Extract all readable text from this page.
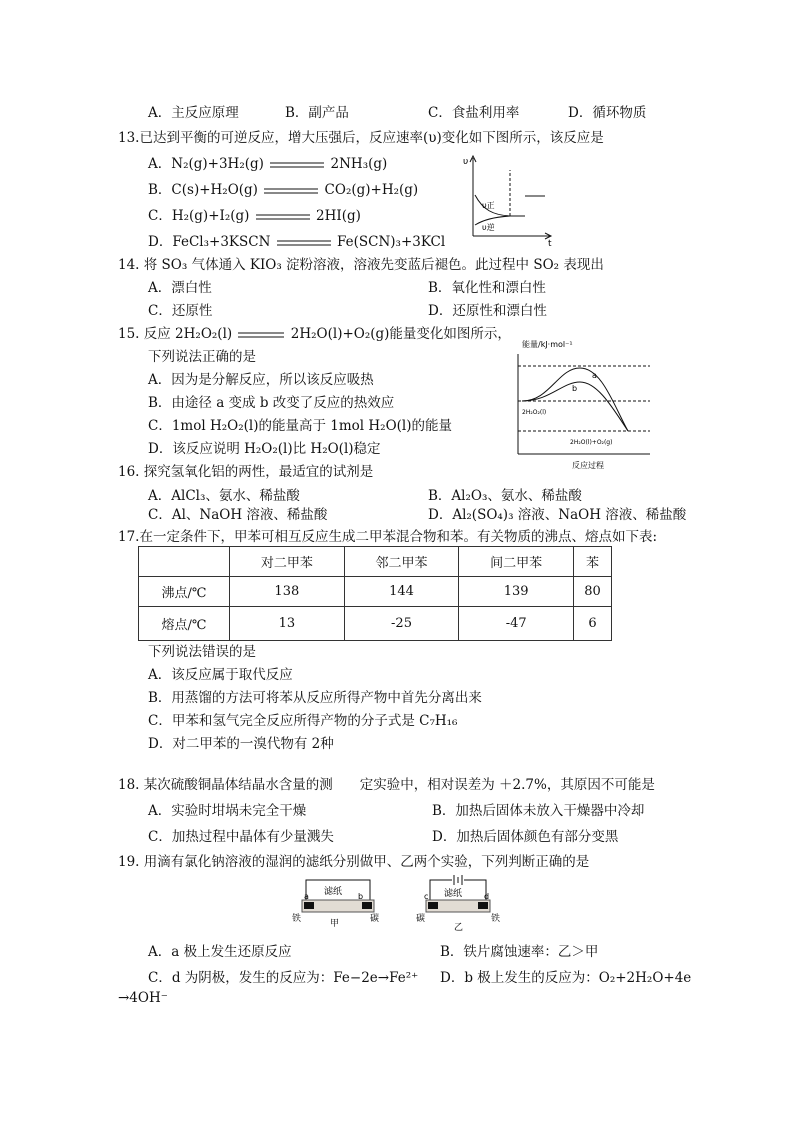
A．主反应原理	B．副产品	C．食盐利用率	D．循环物质
13.已达到平衡的可逆反应，增大压强后，反应速率(υ)变化如下图所示，该反应是
A．N₂(g)+3H₂(g)	2NH₃(g)
B．C(s)+H₂O(g)	CO₂(g)+H₂(g)
C．H₂(g)+I₂(g)	2HI(g)
D．FeCl₃+3KSCN	Fe(SCN)₃+3KCl
υ
t
υ正
υ逆
14. 将 SO₃ 气体通入 KIO₃ 淀粉溶液，溶液先变蓝后褪色。此过程中 SO₂ 表现出
A．漂白性	B．氧化性和漂白性
C．还原性	D．还原性和漂白性
15. 反应 2H₂O₂(l)	2H₂O(l)+O₂(g)能量变化如图所示，
下列说法正确的是
A．因为是分解反应，所以该反应吸热
B．由途径 a 变成 b 改变了反应的热效应
C．1mol H₂O₂(l)的能量高于 1mol H₂O(l)的能量
D．该反应说明 H₂O₂(l)比 H₂O(l)稳定
能量/kJ·mol⁻¹
a
b
2H₂O₂(l)
2H₂O(l)+O₂(g)
反应过程
16. 探究氢氧化铝的两性，最适宜的试剂是
A．AlCl₃、氨水、稀盐酸	B．Al₂O₃、氨水、稀盐酸
C．Al、NaOH 溶液、稀盐酸	D．Al₂(SO₄)₃ 溶液、NaOH 溶液、稀盐酸
17.在一定条件下，甲苯可相互反应生成二甲苯混合物和苯。有关物质的沸点、熔点如下表:
	对二甲苯	邻二甲苯	间二甲苯	苯
沸点/℃	138	144	139	80
熔点/℃	13	-25	-47	6
下列说法错误的是
A．该反应属于取代反应
B．用蒸馏的方法可将苯从反应所得产物中首先分离出来
C．甲苯和氢气完全反应所得产物的分子式是 C₇H₁₆
D．对二甲苯的一溴代物有 2种
18. 某次硫酸铜晶体结晶水含量的测　　定实验中，相对误差为 ＋2.7%，其原因不可能是
A．实验时坩埚未完全干燥	B．加热后固体未放入干燥器中冷却
C．加热过程中晶体有少量溅失	D．加热后固体颜色有部分变黑
19. 用滴有氯化钠溶液的湿润的滤纸分别做甲、乙两个实验，下列判断正确的是
滤纸
a	b
铁	碳
甲
滤纸
c	d
碳	铁
乙
A．a 极上发生还原反应	B．铁片腐蚀速率：乙＞甲
C．d 为阴极，发生的反应为：Fe−2e→Fe²⁺ D．b 极上发生的反应为：O₂+2H₂O+4e
→4OH⁻
